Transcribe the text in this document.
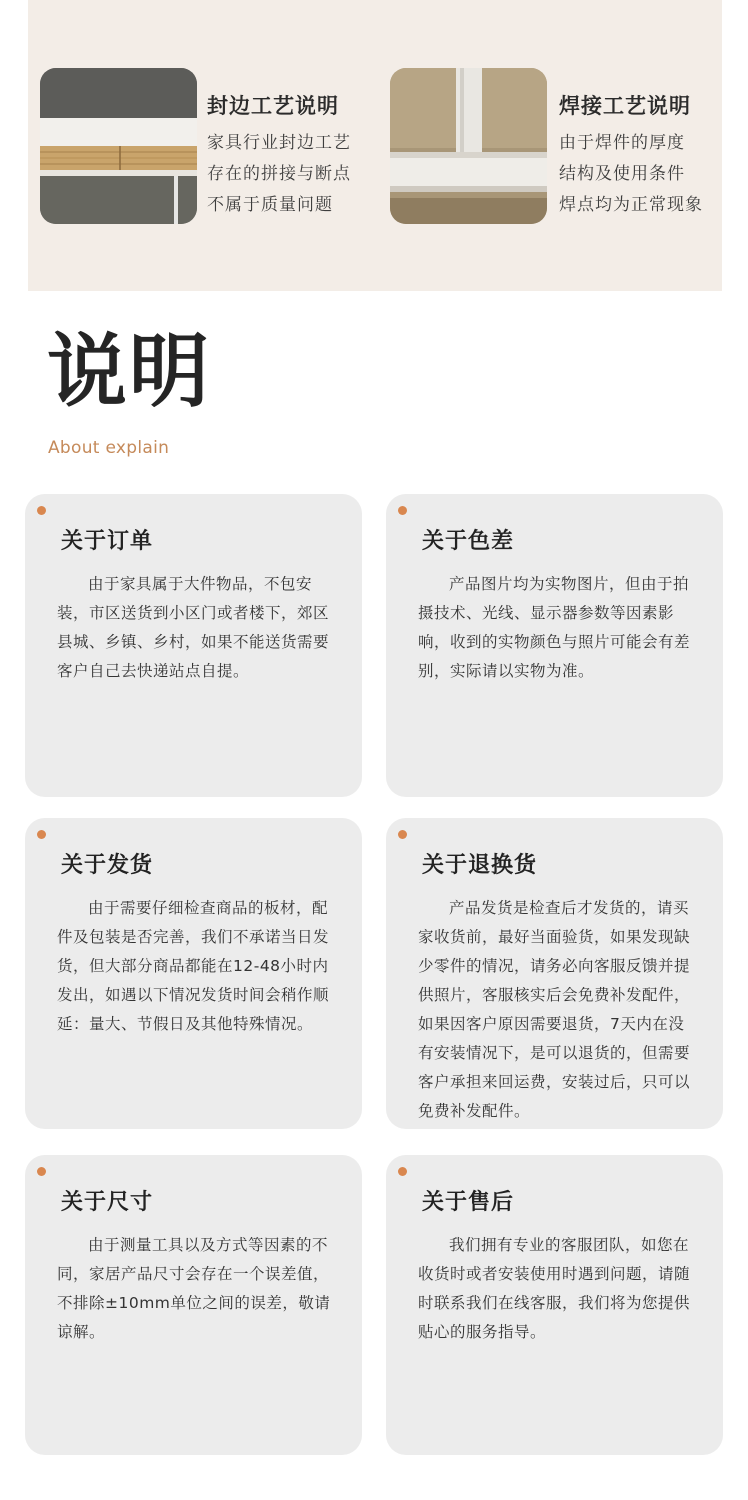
封边工艺说明
家具行业封边工艺
存在的拼接与断点
不属于质量问题
焊接工艺说明
由于焊件的厚度
结构及使用条件
焊点均为正常现象
说明
About explain
关于订单
由于家具属于大件物品，不包安装，市区送货到小区门或者楼下，郊区县城、乡镇、乡村，如果不能送货需要客户自己去快递站点自提。
关于色差
产品图片均为实物图片，但由于拍摄技术、光线、显示器参数等因素影响，收到的实物颜色与照片可能会有差别，实际请以实物为准。
关于发货
由于需要仔细检查商品的板材，配件及包装是否完善，我们不承诺当日发货，但大部分商品都能在12-48小时内发出，如遇以下情况发货时间会稍作顺延：量大、节假日及其他特殊情况。
关于退换货
产品发货是检查后才发货的，请买家收货前，最好当面验货，如果发现缺少零件的情况，请务必向客服反馈并提供照片，客服核实后会免费补发配件，如果因客户原因需要退货，7天内在没有安装情况下，是可以退货的，但需要客户承担来回运费，安装过后，只可以免费补发配件。
关于尺寸
由于测量工具以及方式等因素的不同，家居产品尺寸会存在一个误差值，不排除±10mm单位之间的误差，敬请谅解。
关于售后
我们拥有专业的客服团队，如您在收货时或者安装使用时遇到问题，请随时联系我们在线客服，我们将为您提供贴心的服务指导。
